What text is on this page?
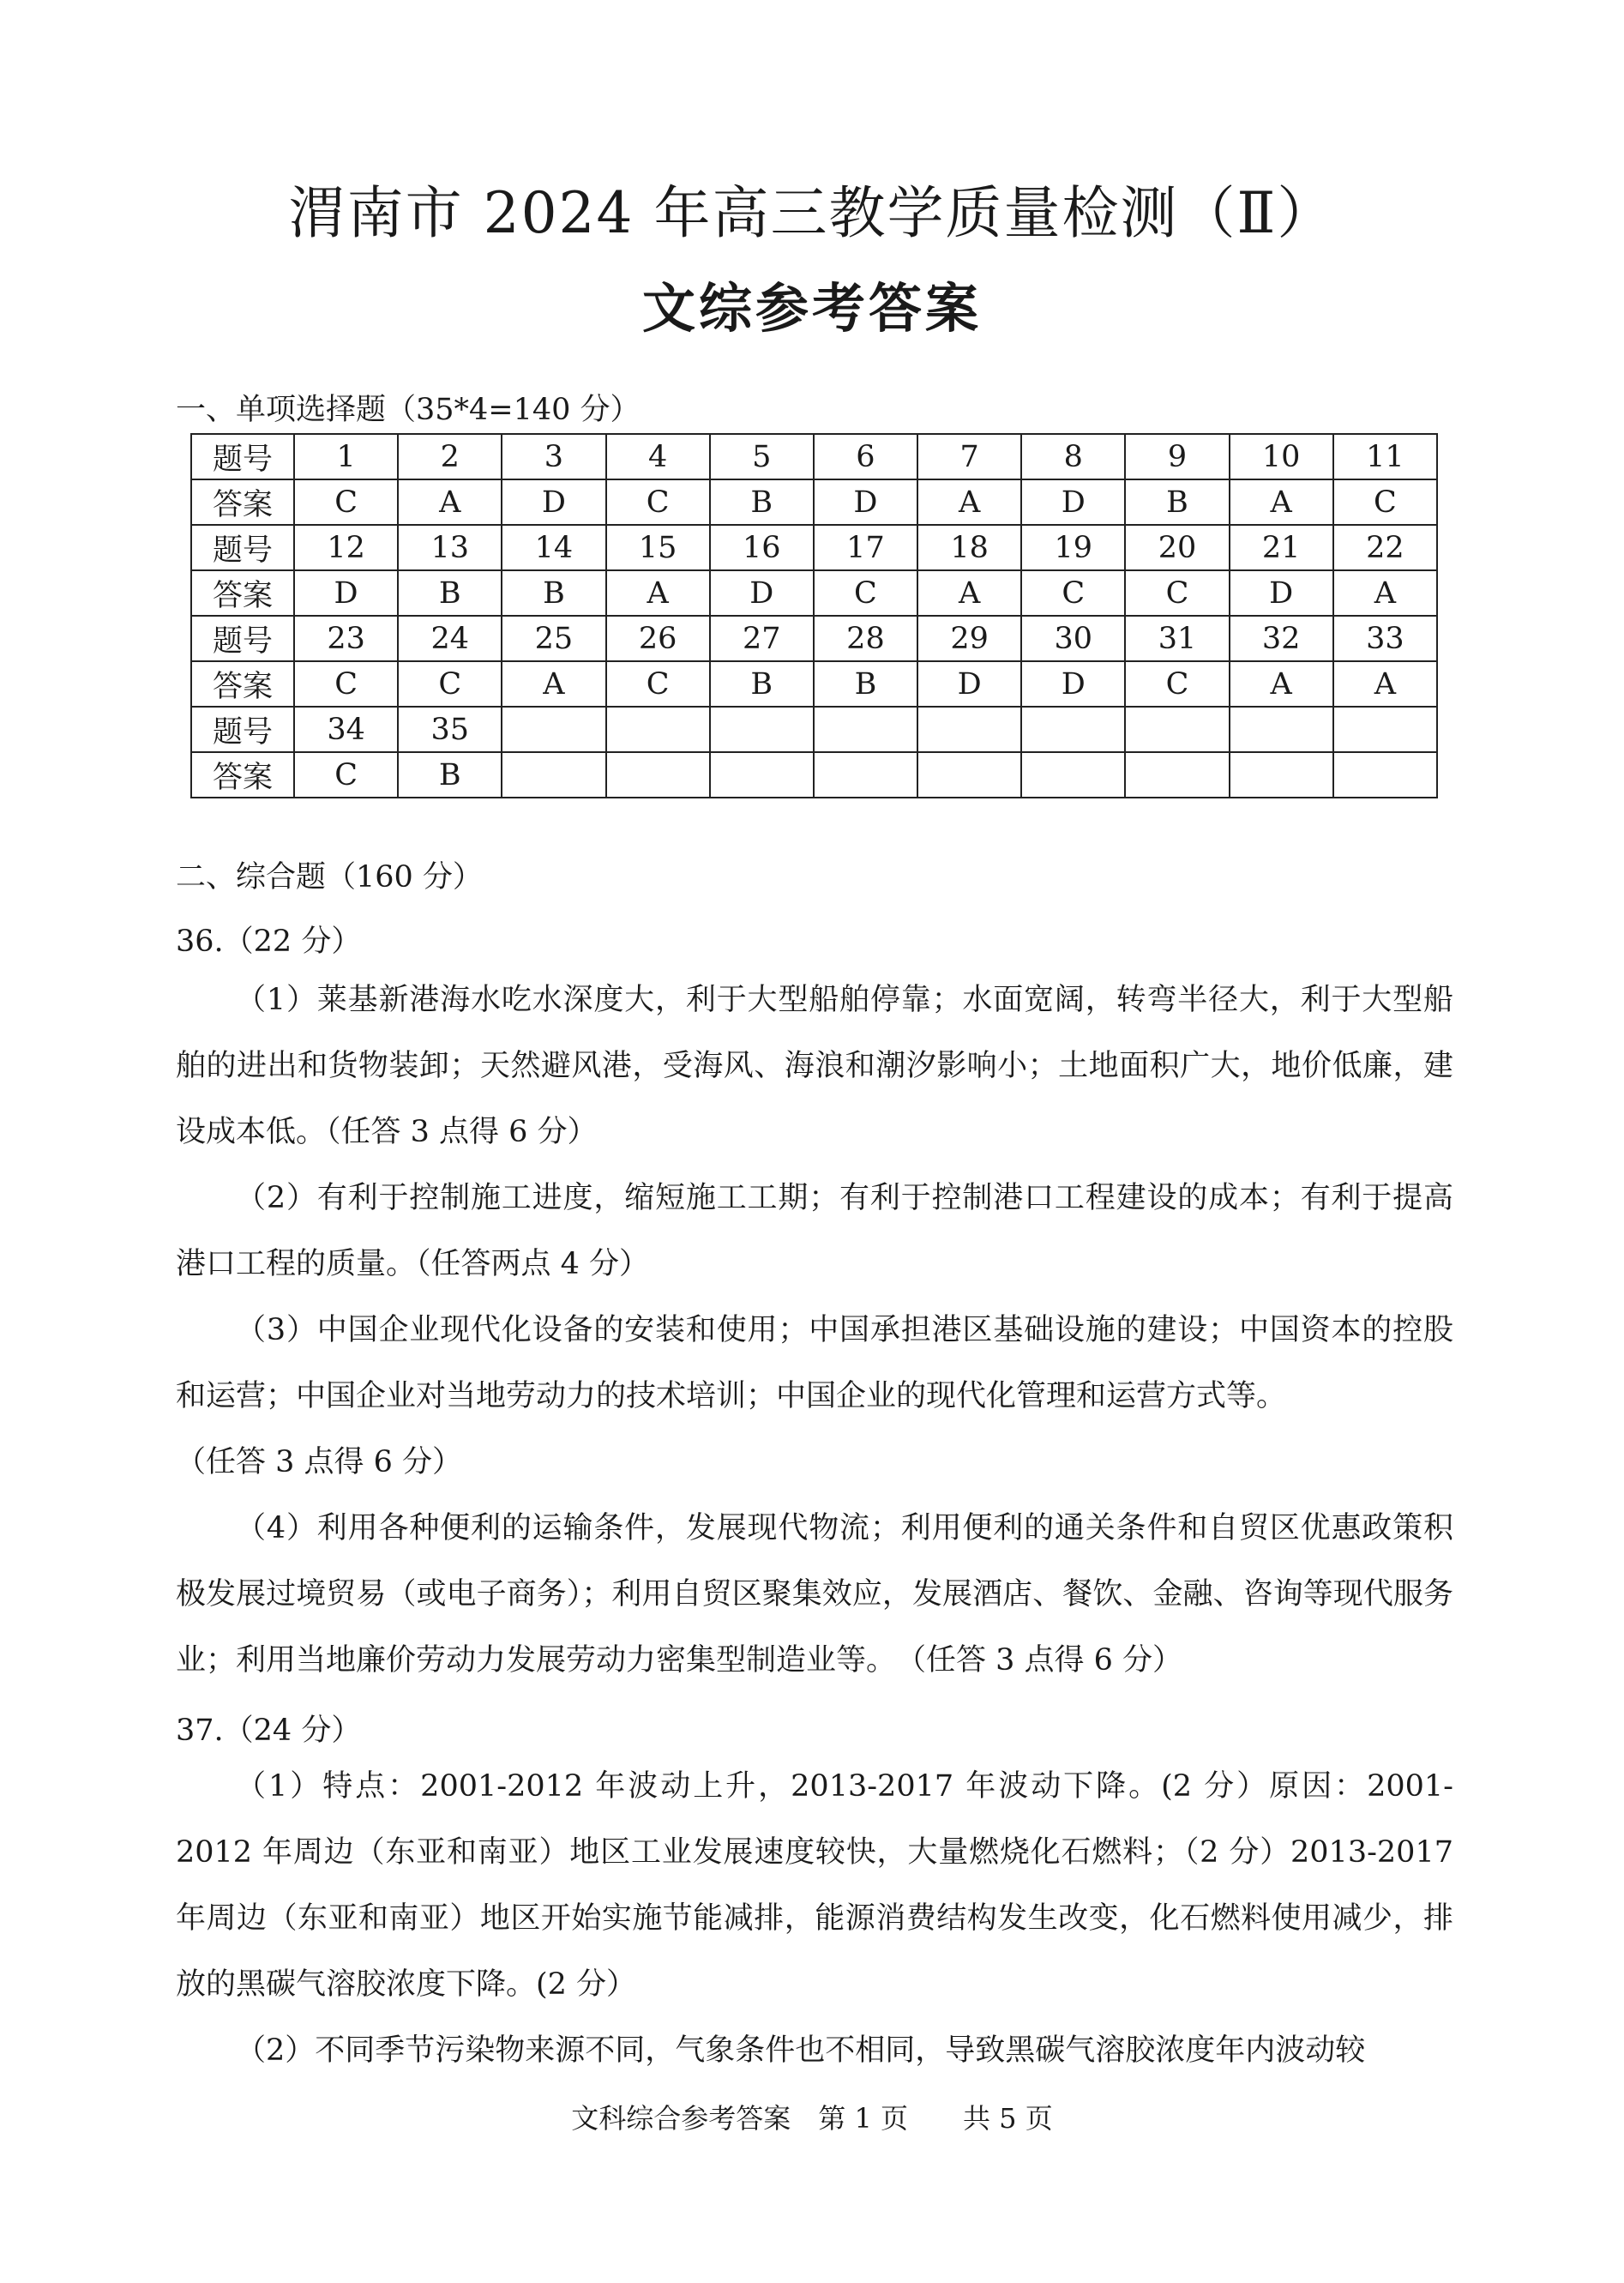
渭南市 2024 年高三教学质量检测（Ⅱ）
文综参考答案
一、单项选择题（35*4=140 分）
题号	1	2	3	4	5	6	7	8	9	10	11
答案	C	A	D	C	B	D	A	D	B	A	C
题号	12	13	14	15	16	17	18	19	20	21	22
答案	D	B	B	A	D	C	A	C	C	D	A
题号	23	24	25	26	27	28	29	30	31	32	33
答案	C	C	A	C	B	B	D	D	C	A	A
题号	34	35									
答案	C	B									
二、综合题（160 分）
36.（22 分）

（1）莱基新港海水吃水深度大，利于大型船舶停靠；水面宽阔，转弯半径大，利于大型船舶的进出和货物装卸；天然避风港，受海风、海浪和潮汐影响小；土地面积广大，地价低廉，建设成本低。（任答 3 点得 6 分）

（2）有利于控制施工进度，缩短施工工期；有利于控制港口工程建设的成本；有利于提高港口工程的质量。（任答两点 4 分）

（3）中国企业现代化设备的安装和使用；中国承担港区基础设施的建设；中国资本的控股和运营；中国企业对当地劳动力的技术培训；中国企业的现代化管理和运营方式等。

（任答 3 点得 6 分）

（4）利用各种便利的运输条件，发展现代物流；利用便利的通关条件和自贸区优惠政策积极发展过境贸易（或电子商务）；利用自贸区聚集效应，发展酒店、餐饮、金融、咨询等现代服务业；利用当地廉价劳动力发展劳动力密集型制造业等。　（任答 3 点得 6 分）

37.（24 分）

（1）特点：2001-2012 年波动上升，2013-2017 年波动下降。(2 分）原因：2001-2012 年周边（东亚和南亚）地区工业发展速度较快，大量燃烧化石燃料；（2 分）2013-2017 年周边（东亚和南亚）地区开始实施节能减排，能源消费结构发生改变，化石燃料使用减少，排放的黑碳气溶胶浓度下降。(2 分）

（2）不同季节污染物来源不同，气象条件也不相同，导致黑碳气溶胶浓度年内波动较

文科综合参考答案　第 1 页　　共 5 页
